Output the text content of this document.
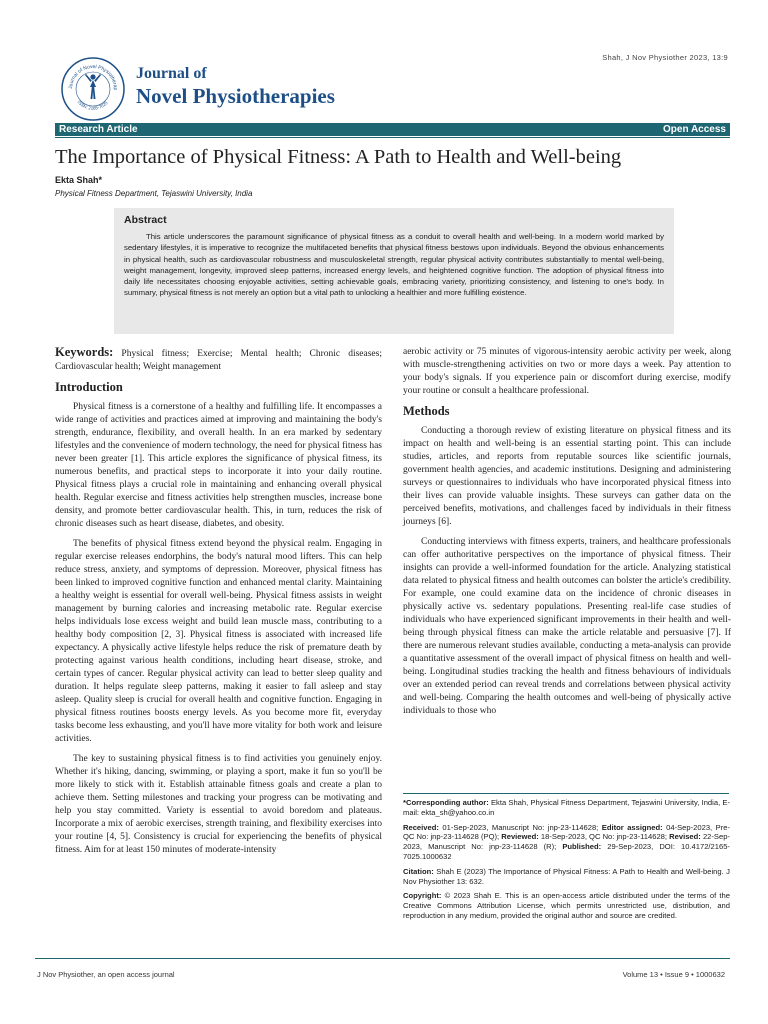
Shah, J Nov Physiother 2023, 13:9
Journal of Novel Physiotherap
ISSN: 2165-7025
Journal of
Novel Physiotherapies
Research Article	Open Access
The Importance of Physical Fitness: A Path to Health and Well-being
Ekta Shah*
Physical Fitness Department, Tejaswini University, India
Abstract

This article underscores the paramount significance of physical fitness as a conduit to overall health and well-being. In a modern world marked by sedentary lifestyles, it is imperative to recognize the multifaceted benefits that physical fitness bestows upon individuals. Beyond the obvious enhancements in physical health, such as cardiovascular robustness and musculoskeletal strength, regular physical activity contributes substantially to mental well-being, weight management, longevity, improved sleep patterns, increased energy levels, and heightened cognitive function. The adoption of physical fitness into daily life necessitates choosing enjoyable activities, setting achievable goals, embracing variety, prioritizing consistency, and listening to one's body. In summary, physical fitness is not merely an option but a vital path to unlocking a healthier and more fulfilling existence.

Keywords: Physical fitness; Exercise; Mental health; Chronic diseases; Cardiovascular health; Weight management

Introduction

Physical fitness is a cornerstone of a healthy and fulfilling life. It encompasses a wide range of activities and practices aimed at improving and maintaining the body's strength, endurance, flexibility, and overall health. In an era marked by sedentary lifestyles and the convenience of modern technology, the need for physical fitness has never been greater [1]. This article explores the significance of physical fitness, its numerous benefits, and practical steps to incorporate it into your daily routine. Physical fitness plays a crucial role in maintaining and enhancing overall physical health. Regular exercise and fitness activities help strengthen muscles, increase bone density, and promote better cardiovascular health. This, in turn, reduces the risk of chronic diseases such as heart disease, diabetes, and obesity.

The benefits of physical fitness extend beyond the physical realm. Engaging in regular exercise releases endorphins, the body's natural mood lifters. This can help reduce stress, anxiety, and symptoms of depression. Moreover, physical fitness has been linked to improved cognitive function and enhanced mental clarity. Maintaining a healthy weight is essential for overall well-being. Physical fitness assists in weight management by burning calories and increasing metabolic rate. Regular exercise helps individuals lose excess weight and build lean muscle mass, contributing to a healthy body composition [2, 3]. Physical fitness is associated with increased life expectancy. A physically active lifestyle helps reduce the risk of premature death by protecting against various health conditions, including heart disease, stroke, and certain types of cancer. Regular physical activity can lead to better sleep quality and duration. It helps regulate sleep patterns, making it easier to fall asleep and stay asleep. Quality sleep is crucial for overall health and cognitive function. Engaging in physical fitness routines boosts energy levels. As you become more fit, everyday tasks become less exhausting, and you'll have more vitality for both work and leisure activities.

The key to sustaining physical fitness is to find activities you genuinely enjoy. Whether it's hiking, dancing, swimming, or playing a sport, make it fun so you'll be more likely to stick with it. Establish attainable fitness goals and create a plan to achieve them. Setting milestones and tracking your progress can be motivating and help you stay committed. Variety is essential to avoid boredom and plateaus. Incorporate a mix of aerobic exercises, strength training, and flexibility exercises into your routine [4, 5]. Consistency is crucial for experiencing the benefits of physical fitness. Aim for at least 150 minutes of moderate-intensity

aerobic activity or 75 minutes of vigorous-intensity aerobic activity per week, along with muscle-strengthening activities on two or more days a week. Pay attention to your body's signals. If you experience pain or discomfort during exercise, modify your routine or consult a healthcare professional.

Methods

Conducting a thorough review of existing literature on physical fitness and its impact on health and well-being is an essential starting point. This can include studies, articles, and reports from reputable sources like scientific journals, government health agencies, and academic institutions. Designing and administering surveys or questionnaires to individuals who have incorporated physical fitness into their lives can provide valuable insights. These surveys can gather data on the perceived benefits, motivations, and challenges faced by individuals in their fitness journeys [6].

Conducting interviews with fitness experts, trainers, and healthcare professionals can offer authoritative perspectives on the importance of physical fitness. Their insights can provide a well-informed foundation for the article. Analyzing statistical data related to physical fitness and health outcomes can bolster the article's credibility. For example, one could examine data on the incidence of chronic diseases in physically active vs. sedentary populations. Presenting real-life case studies of individuals who have experienced significant improvements in their health and well-being through physical fitness can make the article relatable and persuasive [7]. If there are numerous relevant studies available, conducting a meta-analysis can provide a quantitative assessment of the overall impact of physical fitness on health and well-being. Longitudinal studies tracking the health and fitness behaviours of individuals over an extended period can reveal trends and correlations between physical activity and well-being. Comparing the health outcomes and well-being of physically active individuals to those who

*Corresponding author: Ekta Shah, Physical Fitness Department, Tejaswini University, India, E-mail: ekta_sh@yahoo.co.in

Received: 01-Sep-2023, Manuscript No: jnp-23-114628; Editor assigned: 04-Sep-2023, Pre-QC No: jnp-23-114628 (PQ); Reviewed: 18-Sep-2023, QC No: jnp-23-114628; Revised: 22-Sep-2023, Manuscript No: jnp-23-114628 (R); Published: 29-Sep-2023, DOI: 10.4172/2165-7025.1000632

Citation: Shah E (2023) The Importance of Physical Fitness: A Path to Health and Well-being. J Nov Physiother 13: 632.

Copyright: © 2023 Shah E. This is an open-access article distributed under the terms of the Creative Commons Attribution License, which permits unrestricted use, distribution, and reproduction in any medium, provided the original author and source are credited.

J Nov Physiother, an open access journal	Volume 13 • Issue 9 • 1000632
